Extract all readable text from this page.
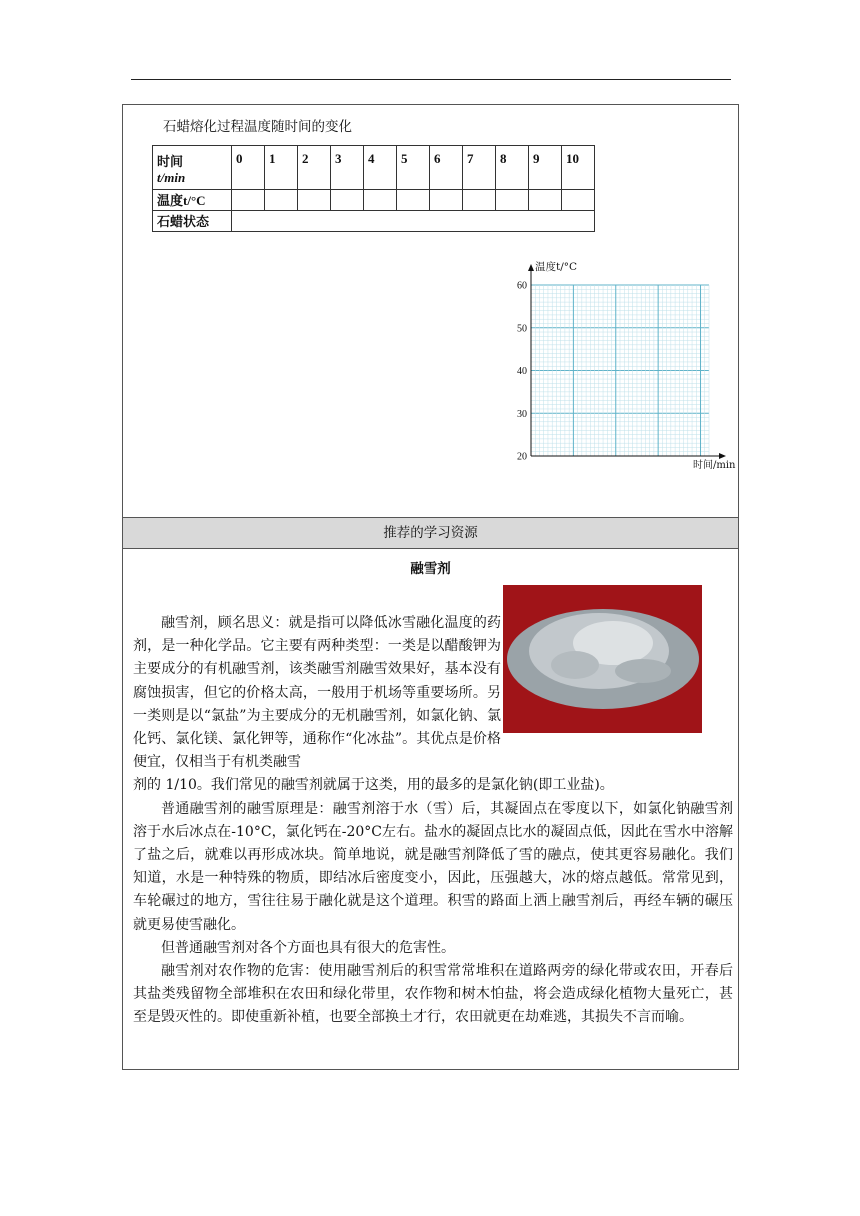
石蜡熔化过程温度随时间的变化
时间
t/min	0	1	2	3	4	5	6	7	8	9	10
温度t/°C											
石蜡状态											
20
30
40
50
60
温度t/°C
时间/min
推荐的学习资源
融雪剂

融雪剂，顾名思义：就是指可以降低冰雪融化温度的药剂，是一种化学品。它主要有两种类型：一类是以醋酸钾为主要成分的有机融雪剂，该类融雪剂融雪效果好，基本没有腐蚀损害，但它的价格太高，一般用于机场等重要场所。另一类则是以“氯盐”为主要成分的无机融雪剂，如氯化钠、氯化钙、氯化镁、氯化钾等，通称作“化冰盐”。其优点是价格便宜，仅相当于有机类融雪

剂的 1/10。我们常见的融雪剂就属于这类，用的最多的是氯化钠(即工业盐)。

普通融雪剂的融雪原理是：融雪剂溶于水（雪）后，其凝固点在零度以下，如氯化钠融雪剂溶于水后冰点在-10°C，氯化钙在-20°C左右。盐水的凝固点比水的凝固点低，因此在雪水中溶解了盐之后，就难以再形成冰块。简单地说，就是融雪剂降低了雪的融点，使其更容易融化。我们知道，水是一种特殊的物质，即结冰后密度变小，因此，压强越大，冰的熔点越低。常常见到，车轮碾过的地方，雪往往易于融化就是这个道理。积雪的路面上洒上融雪剂后，再经车辆的碾压就更易使雪融化。

但普通融雪剂对各个方面也具有很大的危害性。

融雪剂对农作物的危害：使用融雪剂后的积雪常常堆积在道路两旁的绿化带或农田，开春后其盐类残留物全部堆积在农田和绿化带里，农作物和树木怕盐，将会造成绿化植物大量死亡，甚至是毁灭性的。即使重新补植，也要全部换土才行，农田就更在劫难逃，其损失不言而喻。
